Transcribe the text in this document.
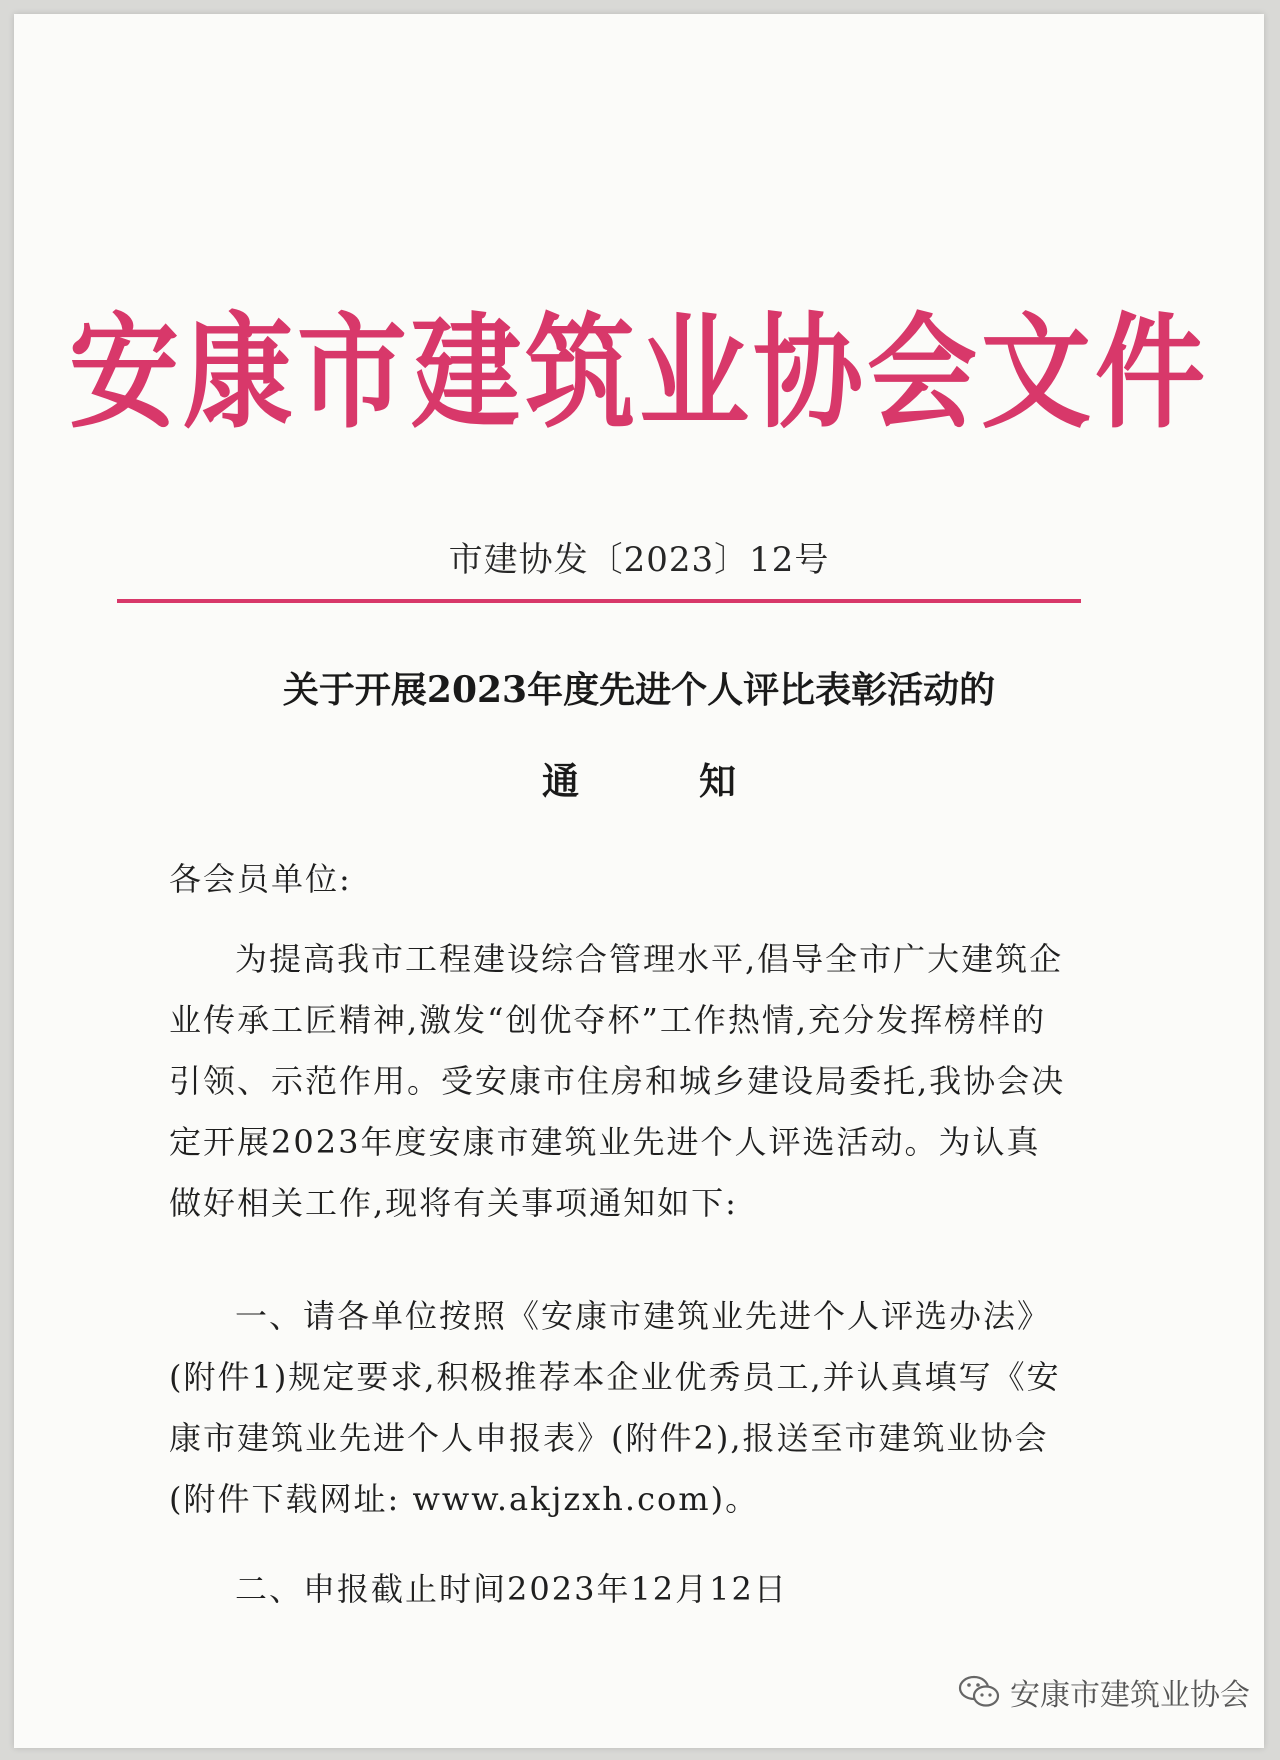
安康市建筑业协会文件
市建协发〔2023〕12号
关于开展2023年度先进个人评比表彰活动的
通	知
各会员单位:
为提高我市工程建设综合管理水平,倡导全市广大建筑企业传承工匠精神,激发“创优夺杯”工作热情,充分发挥榜样的引领、示范作用。受安康市住房和城乡建设局委托,我协会决定开展2023年度安康市建筑业先进个人评选活动。为认真做好相关工作,现将有关事项通知如下:
一、请各单位按照《安康市建筑业先进个人评选办法》(附件1)规定要求,积极推荐本企业优秀员工,并认真填写《安康市建筑业先进个人申报表》(附件2),报送至市建筑业协会(附件下载网址: www.akjzxh.com)。
二、申报截止时间2023年12月12日
安康市建筑业协会
